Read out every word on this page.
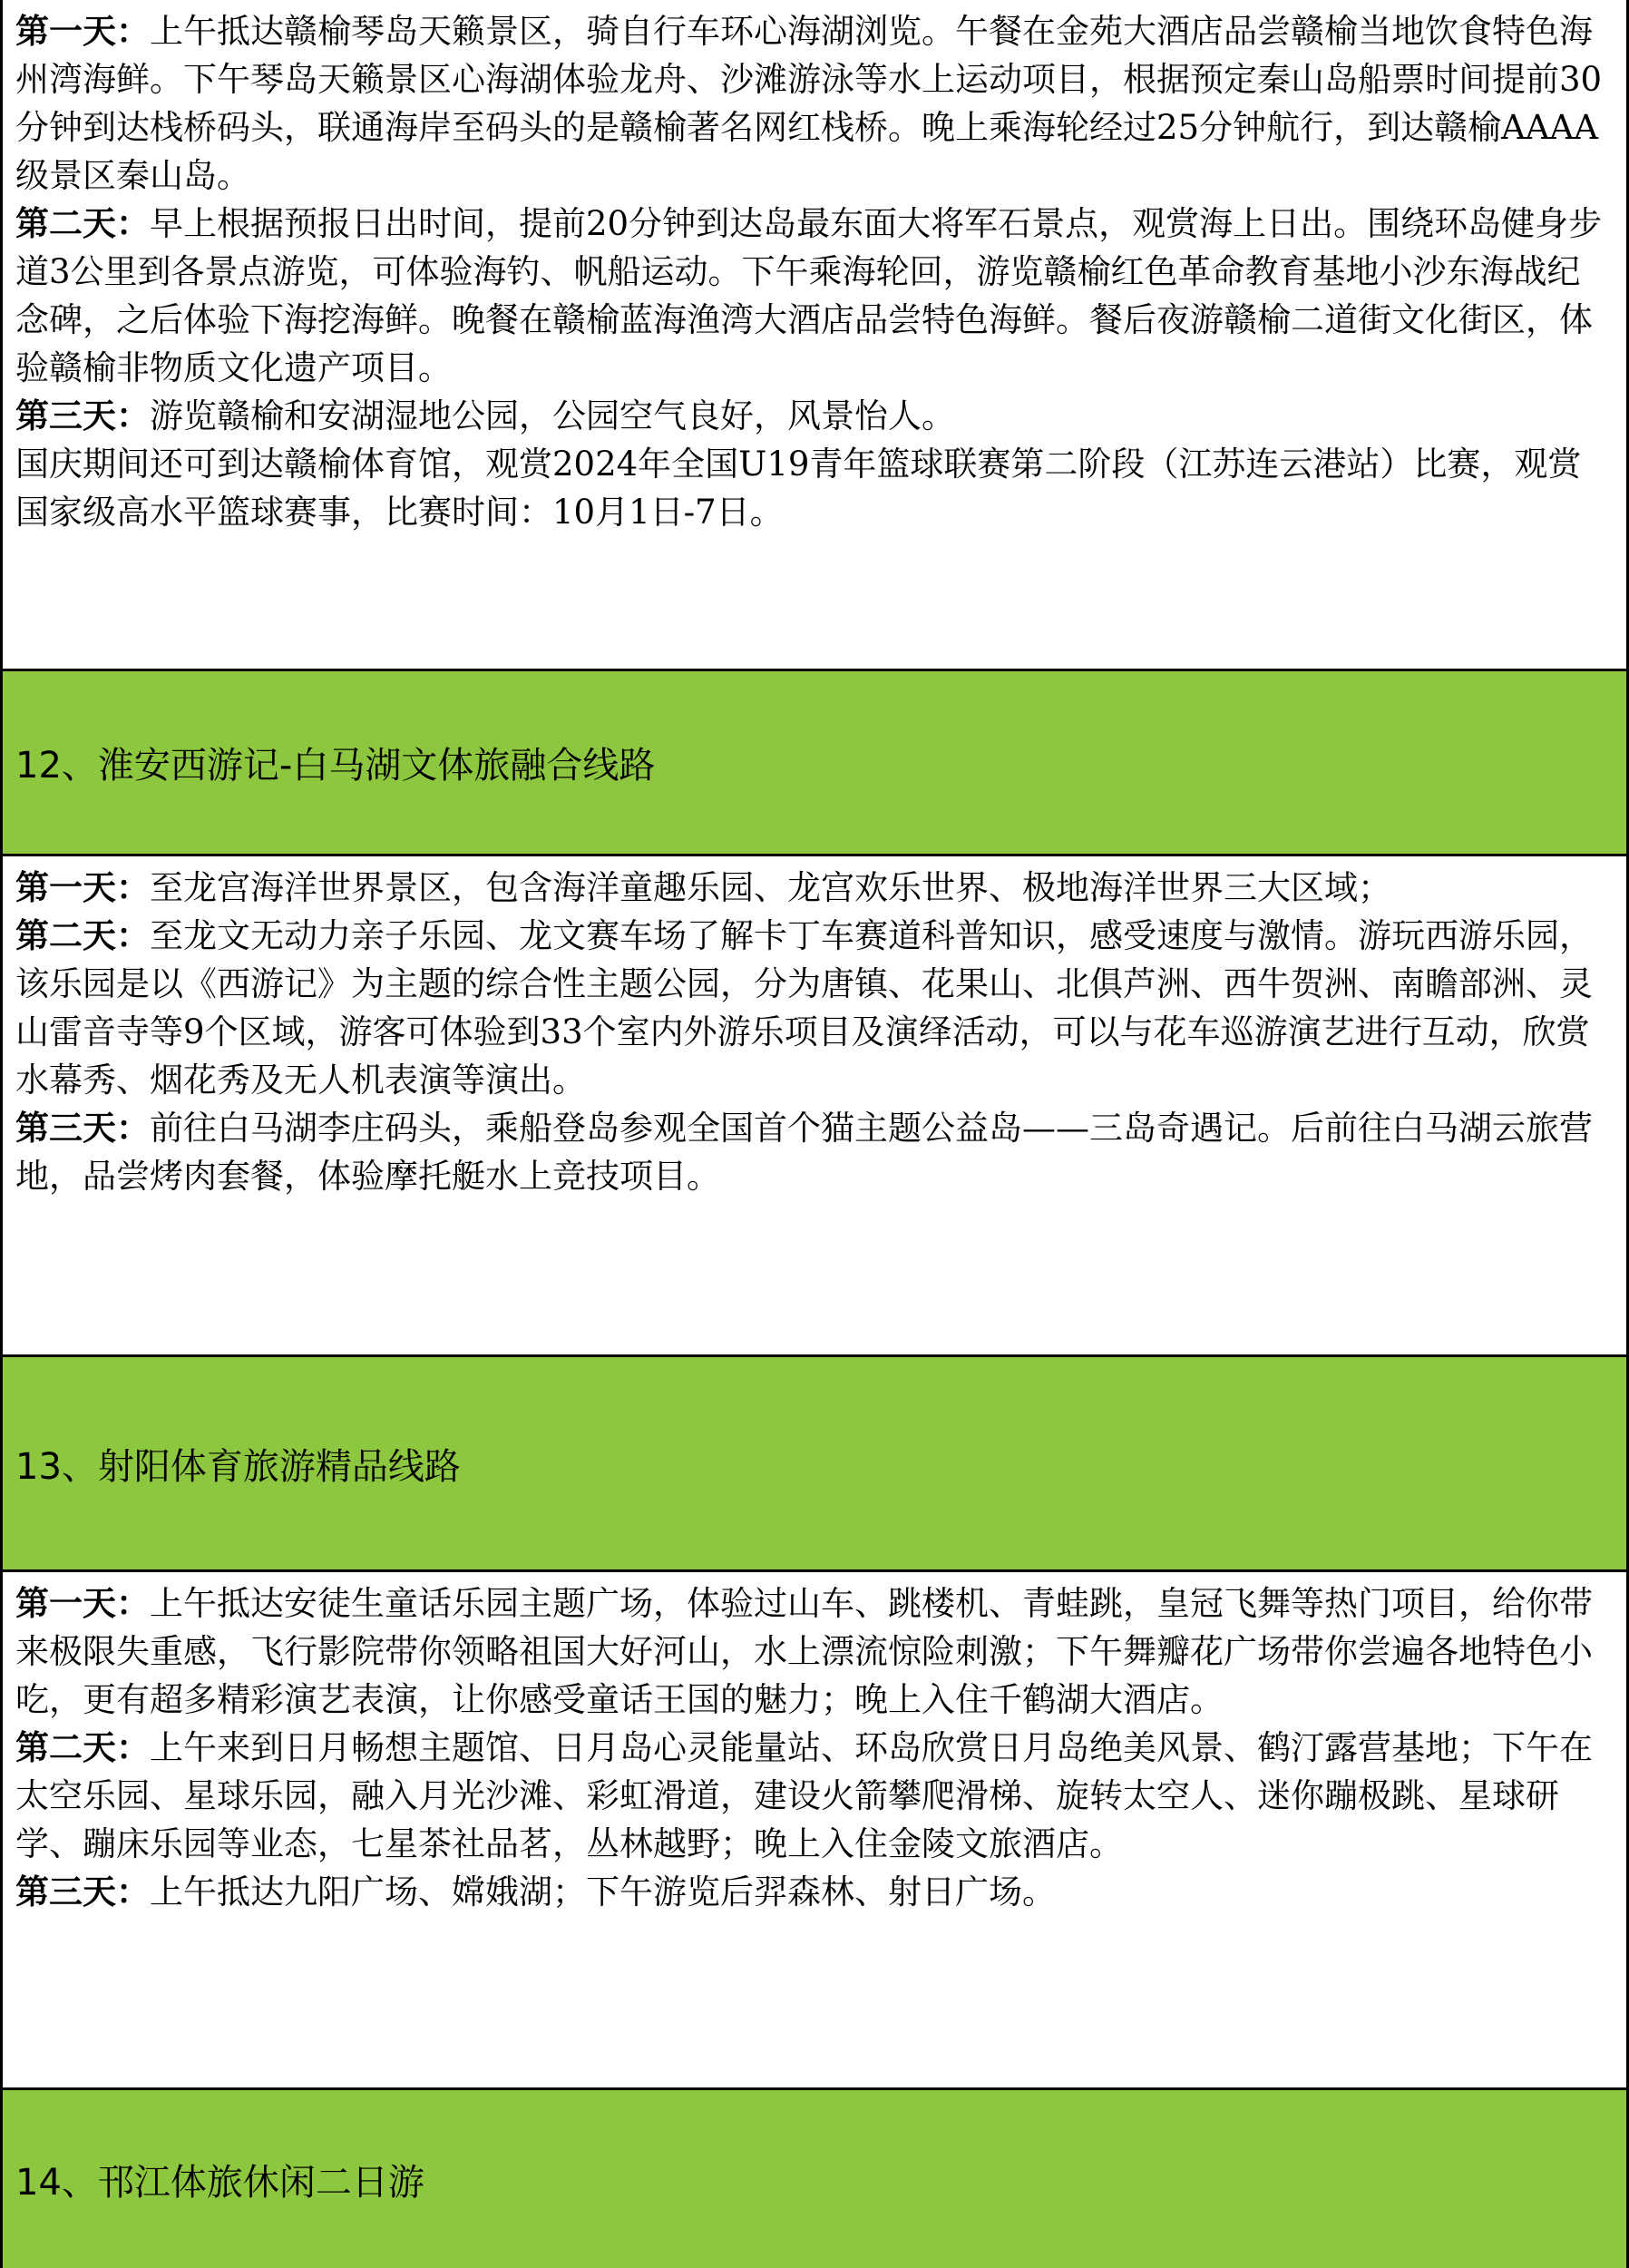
第一天：上午抵达赣榆琴岛天籁景区，骑自行车环心海湖浏览。午餐在金苑大酒店品尝赣榆当地饮食特色海州湾海鲜。下午琴岛天籁景区心海湖体验龙舟、沙滩游泳等水上运动项目，根据预定秦山岛船票时间提前30分钟到达栈桥码头，联通海岸至码头的是赣榆著名网红栈桥。晚上乘海轮经过25分钟航行，到达赣榆AAAA级景区秦山岛。

第二天：早上根据预报日出时间，提前20分钟到达岛最东面大将军石景点，观赏海上日出。围绕环岛健身步道3公里到各景点游览，可体验海钓、帆船运动。下午乘海轮回，游览赣榆红色革命教育基地小沙东海战纪念碑，之后体验下海挖海鲜。晚餐在赣榆蓝海渔湾大酒店品尝特色海鲜。餐后夜游赣榆二道街文化街区，体验赣榆非物质文化遗产项目。

第三天：游览赣榆和安湖湿地公园，公园空气良好，风景怡人。

国庆期间还可到达赣榆体育馆，观赏2024年全国U19青年篮球联赛第二阶段（江苏连云港站）比赛，观赏国家级高水平篮球赛事，比赛时间：10月1日-7日。

12、淮安西游记-白马湖文体旅融合线路

第一天：至龙宫海洋世界景区，包含海洋童趣乐园、龙宫欢乐世界、极地海洋世界三大区域；

第二天：至龙文无动力亲子乐园、龙文赛车场了解卡丁车赛道科普知识，感受速度与激情。游玩西游乐园，该乐园是以《西游记》为主题的综合性主题公园，分为唐镇、花果山、北俱芦洲、西牛贺洲、南瞻部洲、灵山雷音寺等9个区域，游客可体验到33个室内外游乐项目及演绎活动，可以与花车巡游演艺进行互动，欣赏水幕秀、烟花秀及无人机表演等演出。

第三天：前往白马湖李庄码头，乘船登岛参观全国首个猫主题公益岛——三岛奇遇记。后前往白马湖云旅营地，品尝烤肉套餐，体验摩托艇水上竞技项目。

13、射阳体育旅游精品线路

第一天：上午抵达安徒生童话乐园主题广场，体验过山车、跳楼机、青蛙跳，皇冠飞舞等热门项目，给你带来极限失重感，飞行影院带你领略祖国大好河山，水上漂流惊险刺激；下午舞瓣花广场带你尝遍各地特色小吃，更有超多精彩演艺表演，让你感受童话王国的魅力；晚上入住千鹤湖大酒店。

第二天：上午来到日月畅想主题馆、日月岛心灵能量站、环岛欣赏日月岛绝美风景、鹤汀露营基地；下午在太空乐园、星球乐园，融入月光沙滩、彩虹滑道，建设火箭攀爬滑梯、旋转太空人、迷你蹦极跳、星球研学、蹦床乐园等业态，七星茶社品茗，丛林越野；晚上入住金陵文旅酒店。

第三天：上午抵达九阳广场、嫦娥湖；下午游览后羿森林、射日广场。

14、邗江体旅休闲二日游
